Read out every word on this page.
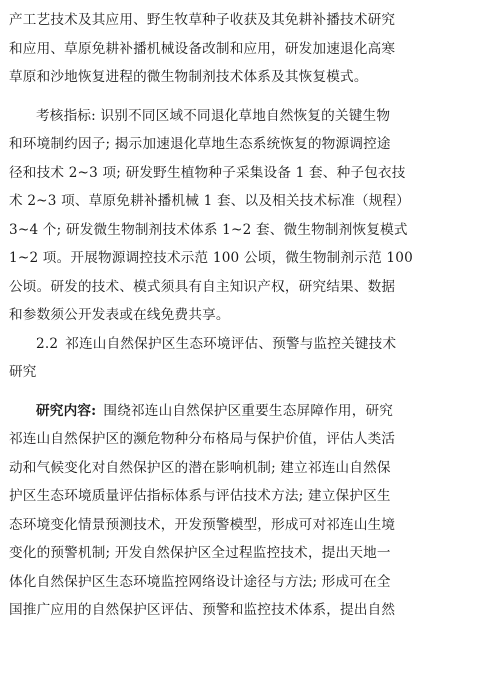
产工艺技术及其应用、野生牧草种子收获及其免耕补播技术研究
和应用、草原免耕补播机械设备改制和应用，研发加速退化高寒
草原和沙地恢复进程的微生物制剂技术体系及其恢复模式。
考核指标: 识别不同区域不同退化草地自然恢复的关键生物
和环境制约因子; 揭示加速退化草地生态系统恢复的物源调控途
径和技术 2~3 项; 研发野生植物种子采集设备 1 套、种子包衣技
术 2~3 项、草原免耕补播机械 1 套、以及相关技术标准（规程）
3~4 个; 研发微生物制剂技术体系 1~2 套、微生物制剂恢复模式
1~2 项。开展物源调控技术示范 100 公顷，微生物制剂示范 100
公顷。研发的技术、模式须具有自主知识产权，研究结果、数据
和参数须公开发表或在线免费共享。
2.2  祁连山自然保护区生态环境评估、预警与监控关键技术
研究
研究内容:  围绕祁连山自然保护区重要生态屏障作用，研究
祁连山自然保护区的濒危物种分布格局与保护价值，评估人类活
动和气候变化对自然保护区的潜在影响机制; 建立祁连山自然保
护区生态环境质量评估指标体系与评估技术方法; 建立保护区生
态环境变化情景预测技术，开发预警模型，形成可对祁连山生境
变化的预警机制; 开发自然保护区全过程监控技术，提出天地一
体化自然保护区生态环境监控网络设计途径与方法; 形成可在全
国推广应用的自然保护区评估、预警和监控技术体系，提出自然
